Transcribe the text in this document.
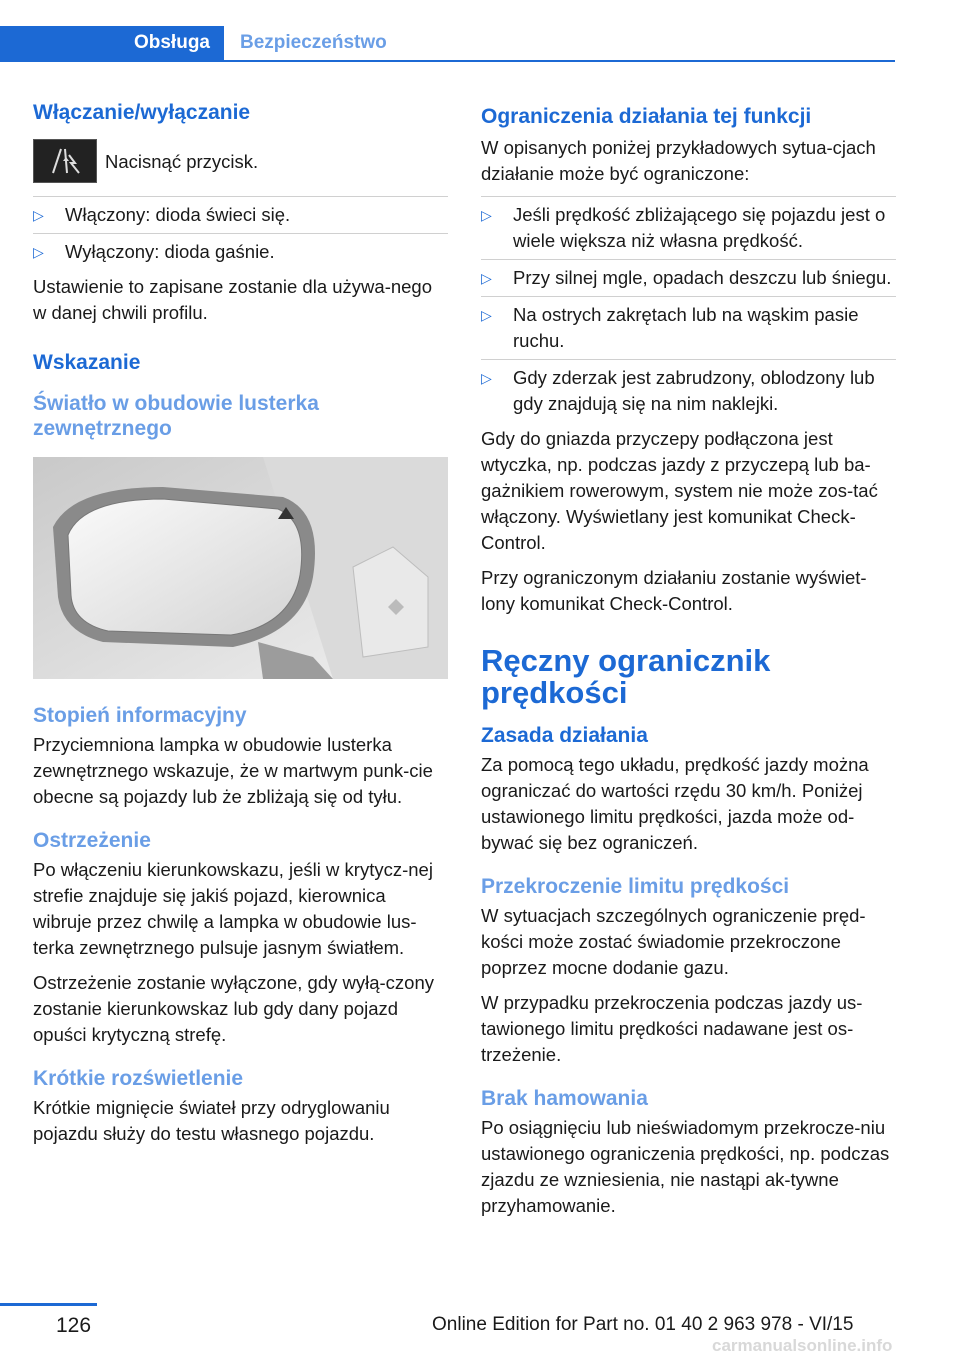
Obsługa	Bezpieczeństwo
Włączanie/wyłączanie

Nacisnąć przycisk.

▷ Włączony: dioda świeci się.
▷ Wyłączony: dioda gaśnie.

Ustawienie to zapisane zostanie dla używa-nego w danej chwili profilu.

Wskazanie
Światło w obudowie lusterka zewnętrznego
Stopień informacyjny

Przyciemniona lampka w obudowie lusterka zewnętrznego wskazuje, że w martwym punk-cie obecne są pojazdy lub że zbliżają się od tyłu.

Ostrzeżenie

Po włączeniu kierunkowskazu, jeśli w krytycz-nej strefie znajduje się jakiś pojazd, kierownica wibruje przez chwilę a lampka w obudowie lus-terka zewnętrznego pulsuje jasnym światłem.

Ostrzeżenie zostanie wyłączone, gdy wyłą-czony zostanie kierunkowskaz lub gdy dany pojazd opuści krytyczną strefę.

Krótkie rozświetlenie

Krótkie mignięcie świateł przy odryglowaniu pojazdu służy do testu własnego pojazdu.

Ograniczenia działania tej funkcji

W opisanych poniżej przykładowych sytua-cjach działanie może być ograniczone:

▷ Jeśli prędkość zbliżającego się pojazdu jest o wiele większa niż własna prędkość.
▷ Przy silnej mgle, opadach deszczu lub śniegu.
▷ Na ostrych zakrętach lub na wąskim pasie ruchu.
▷ Gdy zderzak jest zabrudzony, oblodzony lub gdy znajdują się na nim naklejki.

Gdy do gniazda przyczepy podłączona jest wtyczka, np. podczas jazdy z przyczepą lub ba-gażnikiem rowerowym, system nie może zos-tać włączony. Wyświetlany jest komunikat Check-Control.

Przy ograniczonym działaniu zostanie wyświet-lony komunikat Check-Control.

Ręczny ogranicznik prędkości
Zasada działania

Za pomocą tego układu, prędkość jazdy można ograniczać do wartości rzędu 30 km/h. Poniżej ustawionego limitu prędkości, jazda może od-bywać się bez ograniczeń.

Przekroczenie limitu prędkości

W sytuacjach szczególnych ograniczenie pręd-kości może zostać świadomie przekroczone poprzez mocne dodanie gazu.

W przypadku przekroczenia podczas jazdy us-tawionego limitu prędkości nadawane jest os-trzeżenie.

Brak hamowania

Po osiągnięciu lub nieświadomym przekrocze-niu ustawionego ograniczenia prędkości, np. podczas zjazdu ze wzniesienia, nie nastąpi ak-tywne przyhamowanie.

126	Online Edition for Part no. 01 40 2 963 978 - VI/15
carmanualsonline.info
